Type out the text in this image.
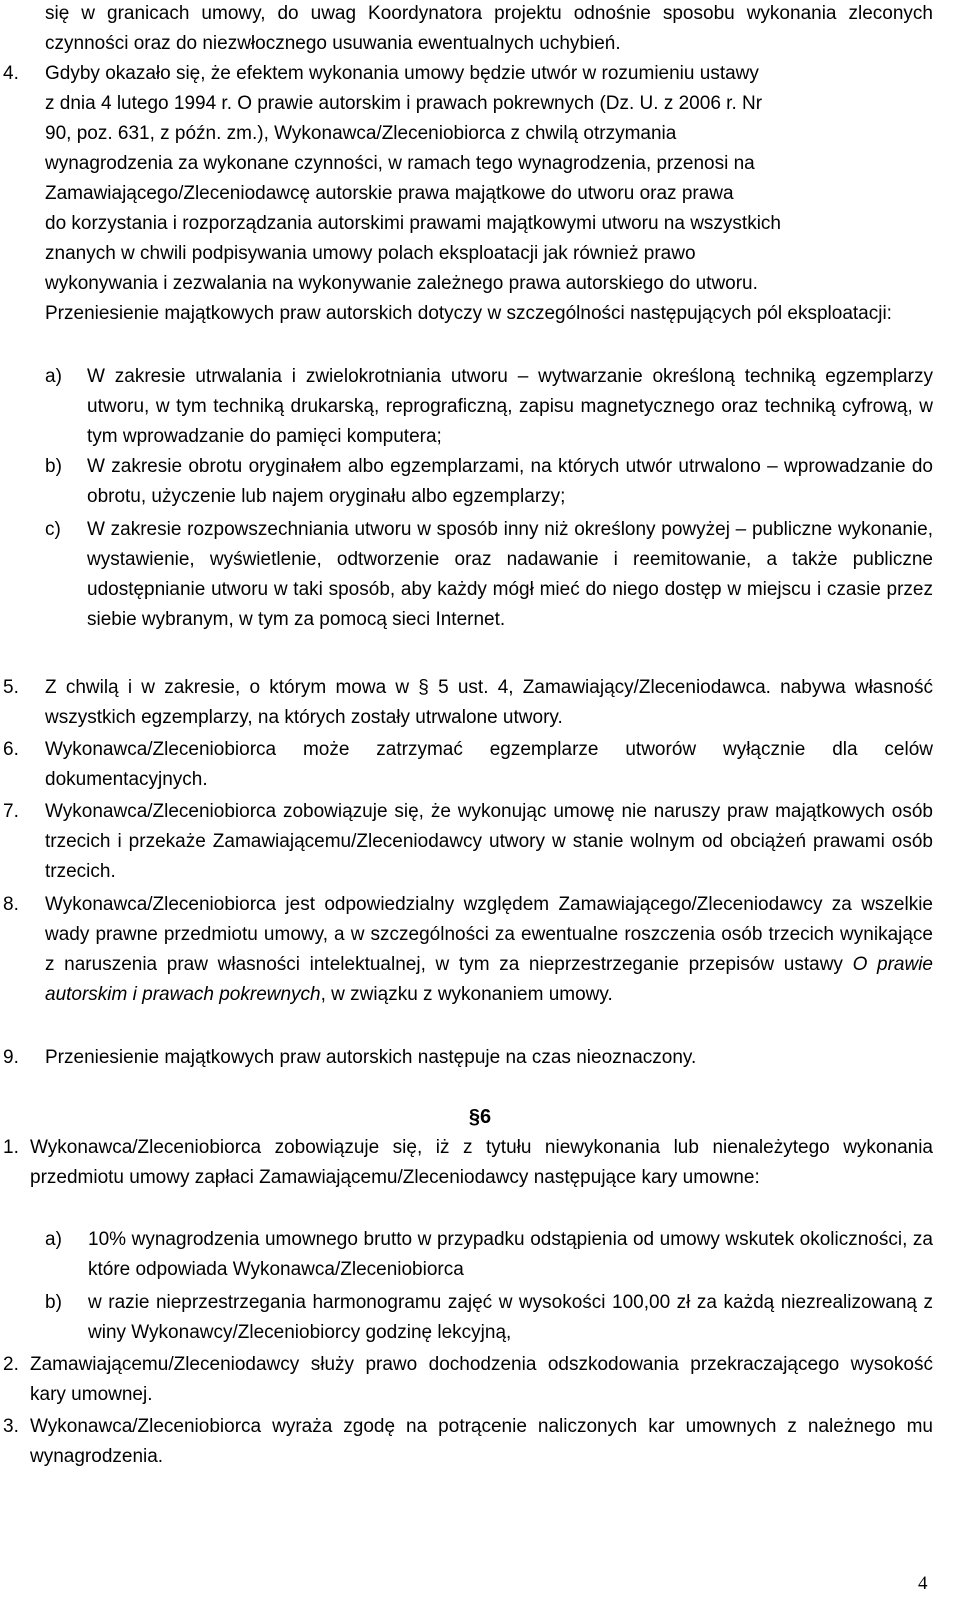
się w granicach umowy, do uwag Koordynatora projektu odnośnie sposobu wykonania zleconych czynności oraz do niezwłocznego usuwania ewentualnych uchybień.

4.	Gdyby okazało się, że efektem wykonania umowy będzie utwór w rozumieniu ustawy

z dnia 4 lutego 1994 r. O prawie autorskim i prawach pokrewnych (Dz. U. z 2006 r. Nr

90, poz. 631, z późn. zm.), Wykonawca/Zleceniobiorca z chwilą otrzymania

wynagrodzenia za wykonane czynności, w ramach tego wynagrodzenia, przenosi na

Zamawiającego/Zleceniodawcę autorskie prawa majątkowe do utworu oraz prawa

do korzystania i rozporządzania autorskimi prawami majątkowymi utworu na wszystkich

znanych w chwili podpisywania umowy polach eksploatacji jak również prawo

wykonywania i zezwalania na wykonywanie zależnego prawa autorskiego do utworu.

Przeniesienie majątkowych praw autorskich dotyczy w szczególności następujących pól eksploatacji:

a)	W zakresie utrwalania i zwielokrotniania utworu – wytwarzanie określoną techniką egzemplarzy utworu, w tym techniką drukarską, reprograficzną, zapisu magnetycznego oraz techniką cyfrową, w tym wprowadzanie do pamięci komputera;

b)	W zakresie obrotu oryginałem albo egzemplarzami, na których utwór utrwalono – wprowadzanie do obrotu, użyczenie lub najem oryginału albo egzemplarzy;

c)	W zakresie rozpowszechniania utworu w sposób inny niż określony powyżej – publiczne wykonanie, wystawienie, wyświetlenie, odtworzenie oraz nadawanie i reemitowanie, a także publiczne udostępnianie utworu w taki sposób, aby każdy mógł mieć do niego dostęp w miejscu i czasie przez siebie wybranym, w tym za pomocą sieci Internet.

5.	Z chwilą i w zakresie, o którym mowa w § 5 ust. 4, Zamawiający/Zleceniodawca. nabywa własność wszystkich egzemplarzy, na których zostały utrwalone utwory.

6.	Wykonawca/Zleceniobiorca może zatrzymać egzemplarze utworów wyłącznie dla celów dokumentacyjnych.

7.	Wykonawca/Zleceniobiorca zobowiązuje się, że wykonując umowę nie naruszy praw majątkowych osób trzecich i przekaże Zamawiającemu/Zleceniodawcy utwory w stanie wolnym od obciążeń prawami osób trzecich.

8.	Wykonawca/Zleceniobiorca jest odpowiedzialny względem Zamawiającego/Zleceniodawcy za wszelkie wady prawne przedmiotu umowy, a w szczególności za ewentualne roszczenia osób trzecich wynikające z naruszenia praw własności intelektualnej, w tym za nieprzestrzeganie przepisów ustawy O prawie autorskim i prawach pokrewnych, w związku z wykonaniem umowy.

9.	Przeniesienie majątkowych praw autorskich następuje na czas nieoznaczony.

§6
1. Wykonawca/Zleceniobiorca zobowiązuje się, iż z tytułu niewykonania lub nienależytego wykonania przedmiotu umowy zapłaci Zamawiającemu/Zleceniodawcy następujące kary umowne:

a)	10% wynagrodzenia umownego brutto w przypadku odstąpienia od umowy wskutek okoliczności, za które odpowiada Wykonawca/Zleceniobiorca

b)	w razie nieprzestrzegania harmonogramu zajęć w wysokości 100,00 zł za każdą niezrealizowaną z winy Wykonawcy/Zleceniobiorcy godzinę lekcyjną,

2. Zamawiającemu/Zleceniodawcy służy prawo dochodzenia odszkodowania przekraczającego wysokość kary umownej.

3. Wykonawca/Zleceniobiorca wyraża zgodę na potrącenie naliczonych kar umownych z należnego mu wynagrodzenia.

4
